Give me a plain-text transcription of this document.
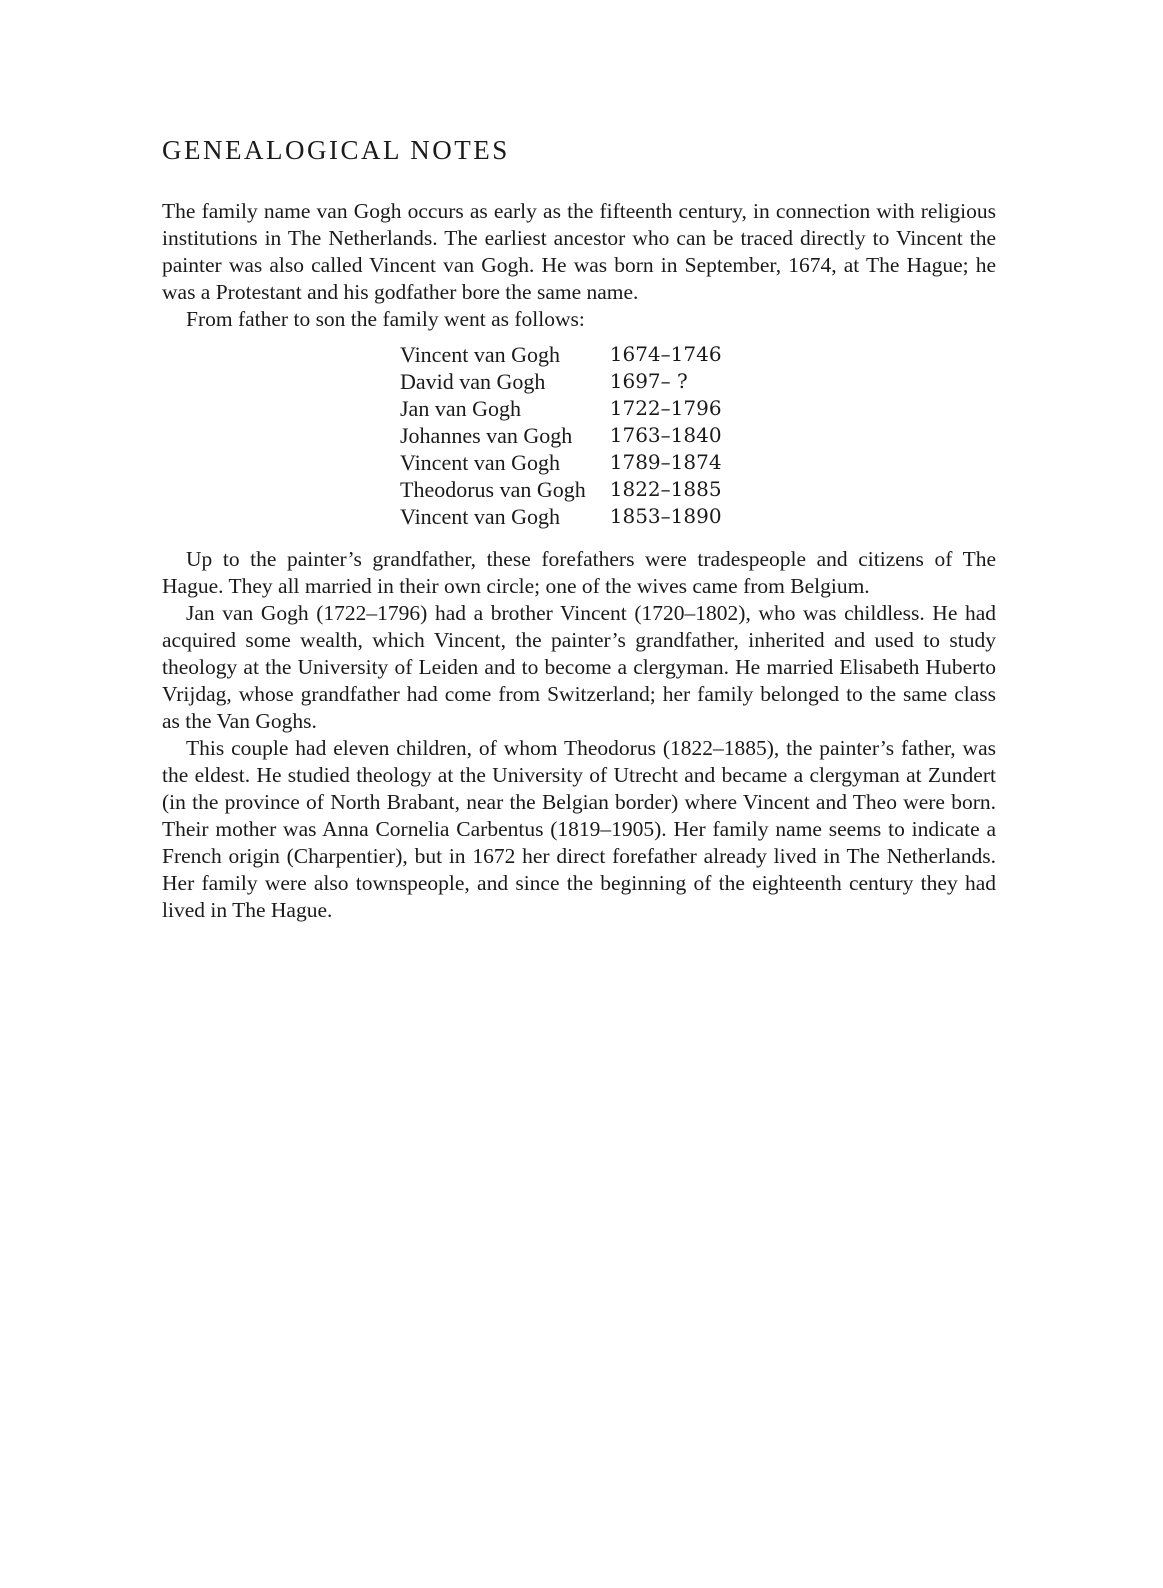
GENEALOGICAL NOTES

The family name van Gogh occurs as early as the fifteenth century, in connection with religious institutions in The Netherlands. The earliest ancestor who can be traced directly to Vincent the painter was also called Vincent van Gogh. He was born in September, 1674, at The Hague; he was a Protestant and his godfather bore the same name.

From father to son the family went as follows:

Vincent van Gogh	1674–1746
David van Gogh	1697– ?
Jan van Gogh	1722–1796
Johannes van Gogh	1763–1840
Vincent van Gogh	1789–1874
Theodorus van Gogh	1822–1885
Vincent van Gogh	1853–1890

Up to the painter’s grandfather, these forefathers were tradespeople and citizens of The Hague. They all married in their own circle; one of the wives came from Belgium.

Jan van Gogh (1722–1796) had a brother Vincent (1720–1802), who was childless. He had acquired some wealth, which Vincent, the painter’s grandfather, inherited and used to study theology at the University of Leiden and to become a clergyman. He married Elisabeth Huberto Vrijdag, whose grandfather had come from Switzerland; her family belonged to the same class as the Van Goghs.

This couple had eleven children, of whom Theodorus (1822–1885), the painter’s father, was the eldest. He studied theology at the University of Utrecht and became a clergyman at Zundert (in the province of North Brabant, near the Belgian border) where Vincent and Theo were born. Their mother was Anna Cornelia Carbentus (1819–1905). Her family name seems to indicate a French origin (Charpentier), but in 1672 her direct forefather already lived in The Netherlands. Her family were also townspeople, and since the beginning of the eighteenth century they had lived in The Hague.
